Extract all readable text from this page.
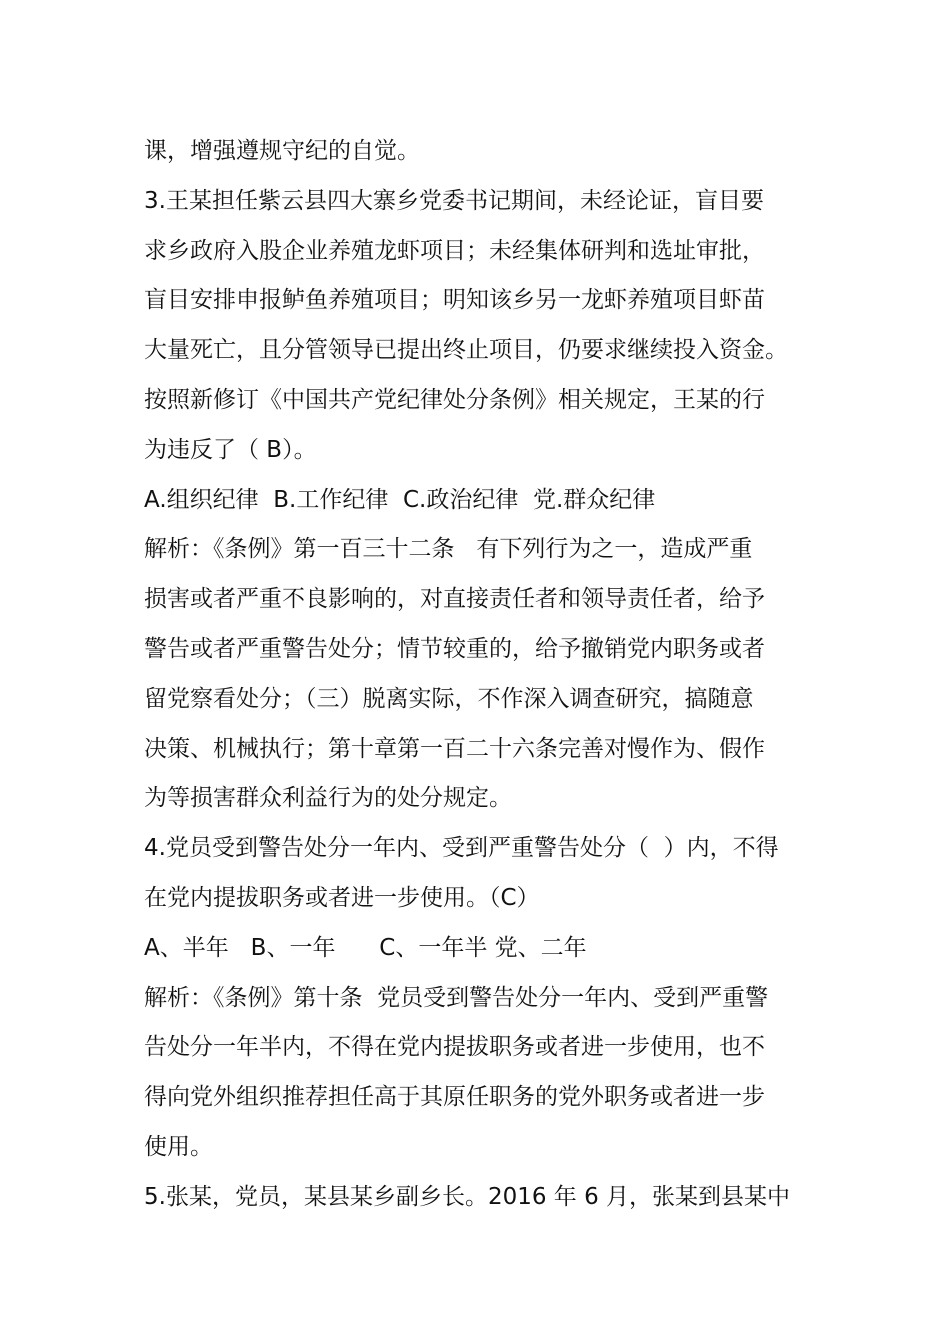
课，增强遵规守纪的自觉。
3.王某担任紫云县四大寨乡党委书记期间，未经论证，盲目要
求乡政府入股企业养殖龙虾项目；未经集体研判和选址审批，
盲目安排申报鲈鱼养殖项目；明知该乡另一龙虾养殖项目虾苗
大量死亡，且分管领导已提出终止项目，仍要求继续投入资金。
按照新修订《中国共产党纪律处分条例》相关规定，王某的行
为违反了（ B）。
A.组织纪律  B.工作纪律  C.政治纪律  党.群众纪律
解析：《条例》第一百三十二条   有下列行为之一，造成严重
损害或者严重不良影响的，对直接责任者和领导责任者，给予
警告或者严重警告处分；情节较重的，给予撤销党内职务或者
留党察看处分；（三）脱离实际，不作深入调查研究，搞随意
决策、机械执行；第十章第一百二十六条完善对慢作为、假作
为等损害群众利益行为的处分规定。
4.党员受到警告处分一年内、受到严重警告处分（  ）内，不得
在党内提拔职务或者进一步使用。（C）
A、半年   B、一年      C、一年半 党、二年
解析：《条例》第十条  党员受到警告处分一年内、受到严重警
告处分一年半内，不得在党内提拔职务或者进一步使用，也不
得向党外组织推荐担任高于其原任职务的党外职务或者进一步
使用。
5.张某，党员，某县某乡副乡长。2016 年 6 月，张某到县某中
